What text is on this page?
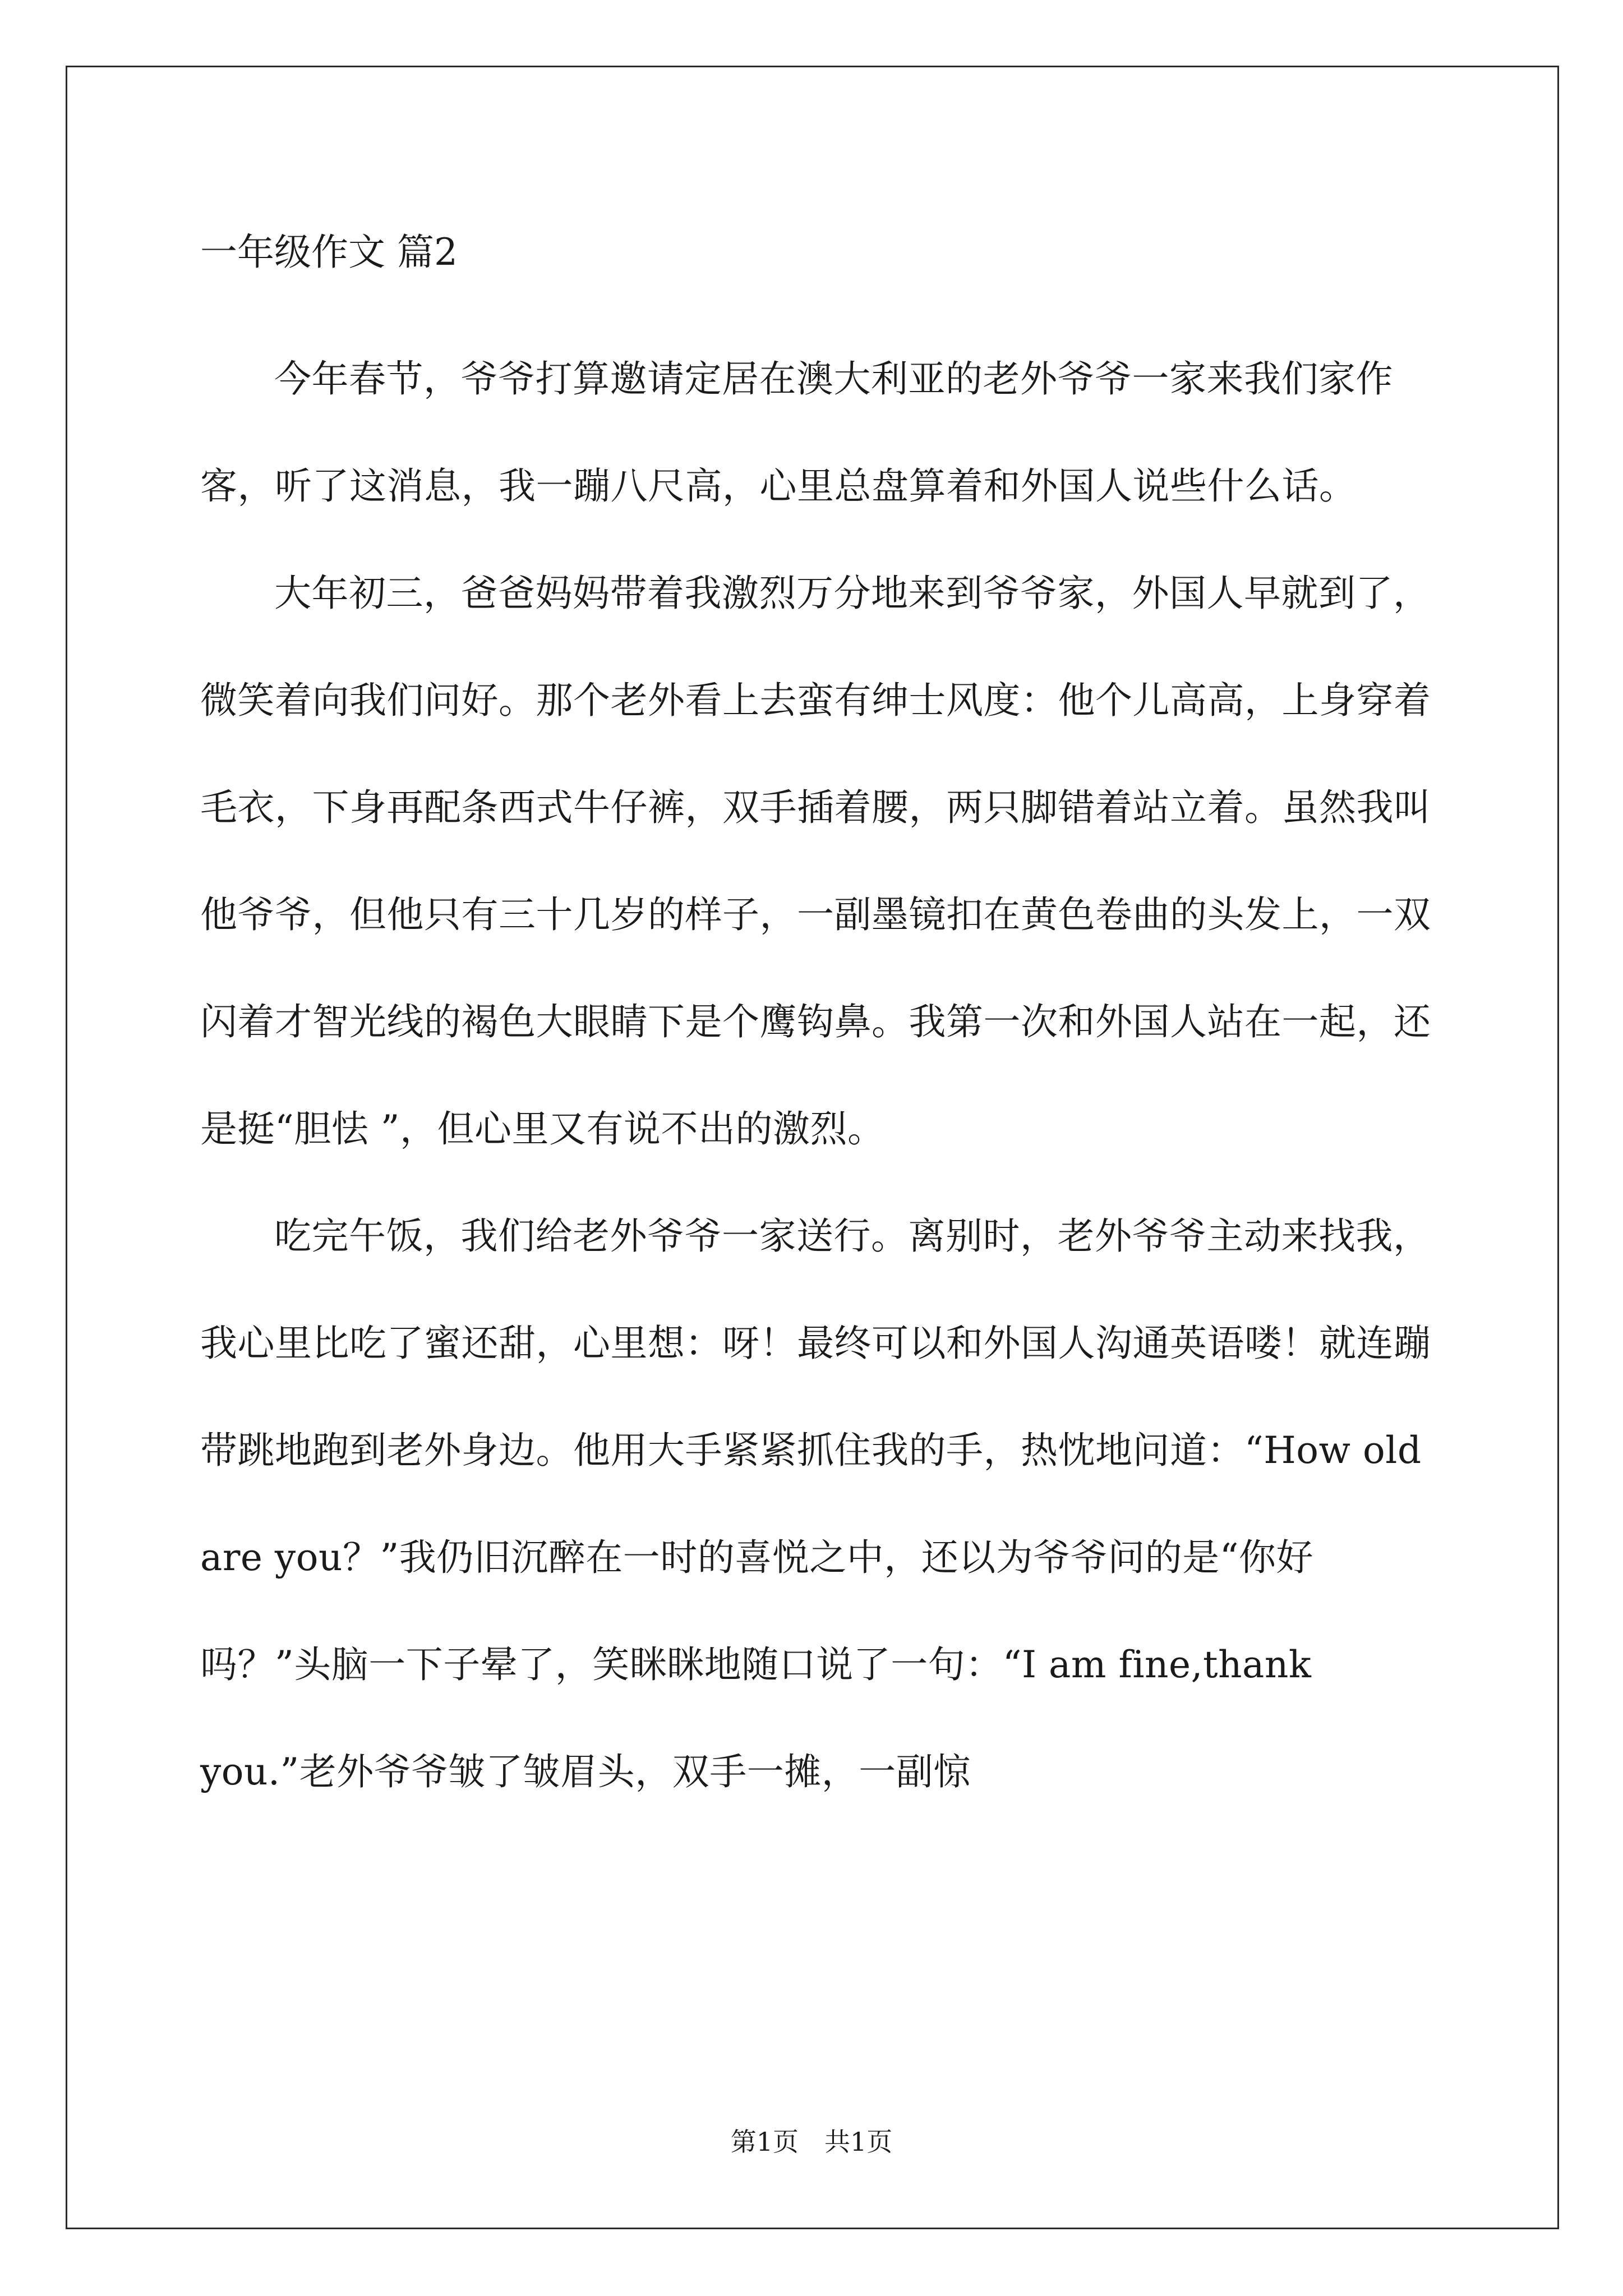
一年级作文 篇2

今年春节，爷爷打算邀请定居在澳大利亚的老外爷爷一家来我们家作客，听了这消息，我一蹦八尺高，心里总盘算着和外国人说些什么话。

大年初三，爸爸妈妈带着我激烈万分地来到爷爷家，外国人早就到了，微笑着向我们问好。那个老外看上去蛮有绅士风度：他个儿高高，上身穿着毛衣，下身再配条西式牛仔裤，双手插着腰，两只脚错着站立着。虽然我叫他爷爷，但他只有三十几岁的样子，一副墨镜扣在黄色卷曲的头发上，一双闪着才智光线的褐色大眼睛下是个鹰钩鼻。我第一次和外国人站在一起，还是挺“胆怯 ”，但心里又有说不出的激烈。

吃完午饭，我们给老外爷爷一家送行。离别时，老外爷爷主动来找我，我心里比吃了蜜还甜，心里想：呀！最终可以和外国人沟通英语喽！就连蹦带跳地跑到老外身边。他用大手紧紧抓住我的手，热忱地问道：“How old are you？”我仍旧沉醉在一时的喜悦之中，还以为爷爷问的是“你好吗？”头脑一下子晕了，笑眯眯地随口说了一句：“I am fine,thank you.”老外爷爷皱了皱眉头，双手一摊，一副惊

第1页　共1页
